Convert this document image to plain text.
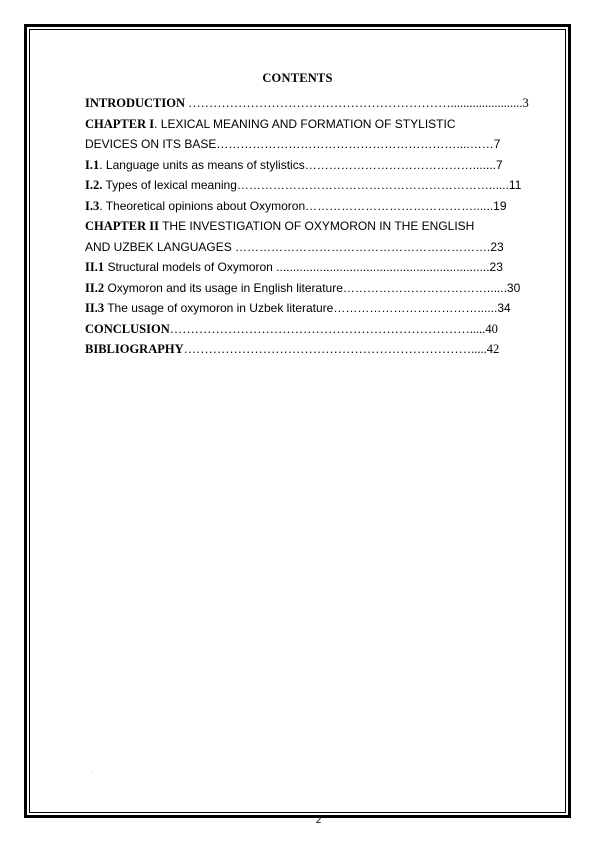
CONTENTS
INTRODUCTION ……………………………………………………….......................3
CHAPTER I. LEXICAL MEANING AND FORMATION OF STYLISTIC
DEVICES ON ITS BASE……………………………………………………....……7
I.1. Language units as means of stylistics…………………………………….......7
I.2. Types of lexical meaning………………………………………………………......11
I.3. Theoretical opinions about Oxymoron……………………………………......19
CHAPTER II THE INVESTIGATION OF OXYMORON IN THE ENGLISH
AND UZBEK LANGUAGES ……………………………………………………….23
II.1 Structural models of Oxymoron ................................................................23
II.2 Oxymoron and its usage in English literature………………………………......30
II.3 The usage of oxymoron in Uzbek literature………………………………......34
CONCLUSION……………………………………………………………….....40
BIBLIOGRAPHY…………………………………………………………….....42
·
2
